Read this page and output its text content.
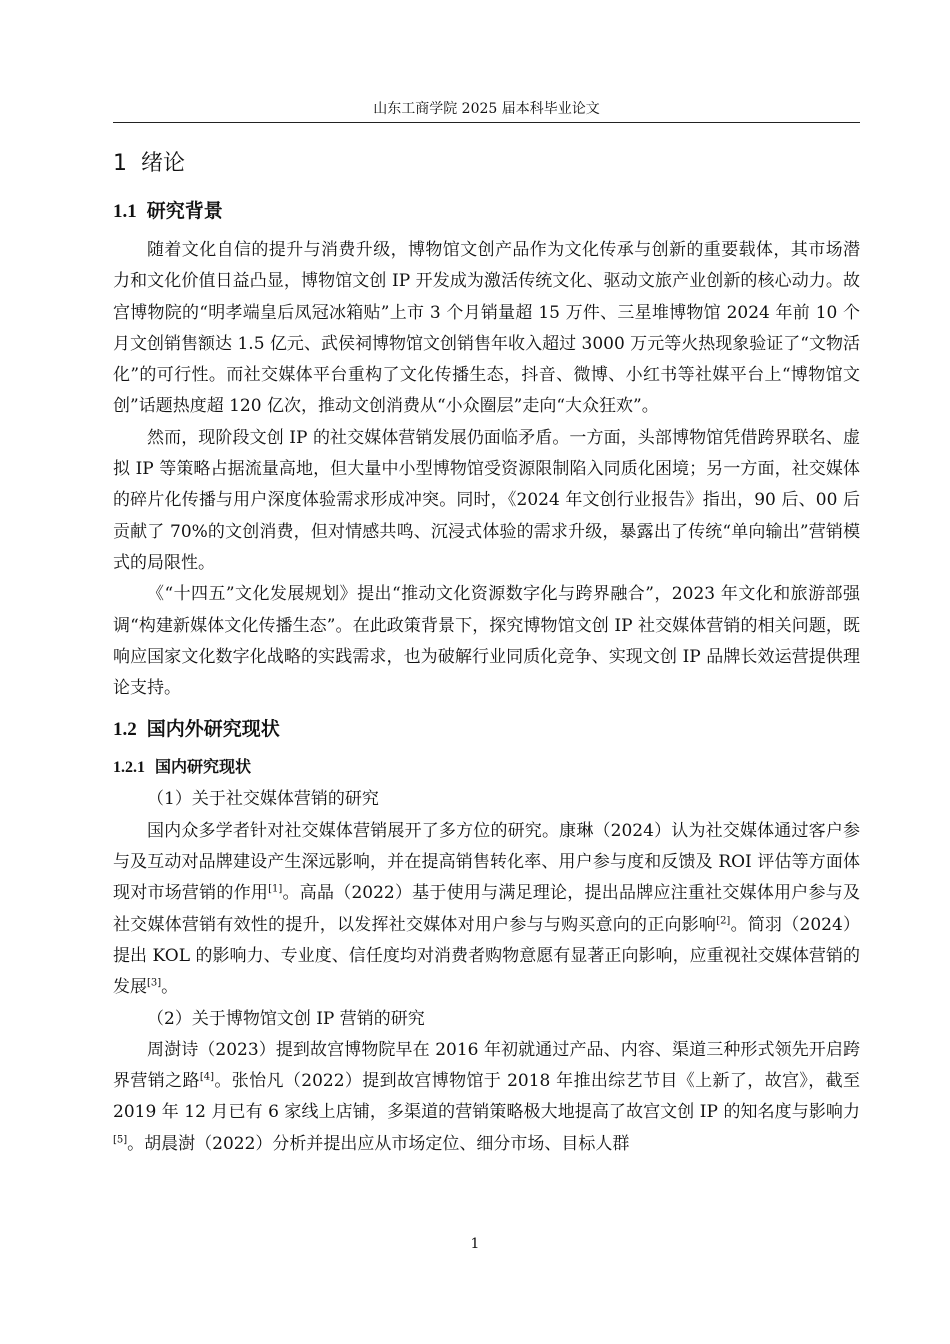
山东工商学院 2025 届本科毕业论文
1 绪论
1.1 研究背景

随着文化自信的提升与消费升级，博物馆文创产品作为文化传承与创新的重要载体，其市场潜力和文化价值日益凸显，博物馆文创 IP 开发成为激活传统文化、驱动文旅产业创新的核心动力。故宫博物院的“明孝端皇后凤冠冰箱贴”上市 3 个月销量超 15 万件、三星堆博物馆 2024 年前 10 个月文创销售额达 1.5 亿元、武侯祠博物馆文创销售年收入超过 3000 万元等火热现象验证了“文物活化”的可行性。而社交媒体平台重构了文化传播生态，抖音、微博、小红书等社媒平台上“博物馆文创”话题热度超 120 亿次，推动文创消费从“小众圈层”走向“大众狂欢”。

然而，现阶段文创 IP 的社交媒体营销发展仍面临矛盾。一方面，头部博物馆凭借跨界联名、虚拟 IP 等策略占据流量高地，但大量中小型博物馆受资源限制陷入同质化困境；另一方面，社交媒体的碎片化传播与用户深度体验需求形成冲突。同时，《2024 年文创行业报告》指出，90 后、00 后贡献了 70%的文创消费，但对情感共鸣、沉浸式体验的需求升级，暴露出了传统“单向输出”营销模式的局限性。

《“十四五”文化发展规划》提出“推动文化资源数字化与跨界融合”，2023 年文化和旅游部强调“构建新媒体文化传播生态”。在此政策背景下，探究博物馆文创 IP 社交媒体营销的相关问题，既响应国家文化数字化战略的实践需求，也为破解行业同质化竞争、实现文创 IP 品牌长效运营提供理论支持。

1.2 国内外研究现状
1.2.1 国内研究现状

（1）关于社交媒体营销的研究

国内众多学者针对社交媒体营销展开了多方位的研究。康琳（2024）认为社交媒体通过客户参与及互动对品牌建设产生深远影响，并在提高销售转化率、用户参与度和反馈及 ROI 评估等方面体现对市场营销的作用[1]。高晶（2022）基于使用与满足理论，提出品牌应注重社交媒体用户参与及社交媒体营销有效性的提升，以发挥社交媒体对用户参与与购买意向的正向影响[2]。简羽（2024）提出 KOL 的影响力、专业度、信任度均对消费者购物意愿有显著正向影响，应重视社交媒体营销的发展[3]。

（2）关于博物馆文创 IP 营销的研究

周澍诗（2023）提到故宫博物院早在 2016 年初就通过产品、内容、渠道三种形式领先开启跨界营销之路[4]。张怡凡（2022）提到故宫博物馆于 2018 年推出综艺节目《上新了，故宫》，截至 2019 年 12 月已有 6 家线上店铺，多渠道的营销策略极大地提高了故宫文创 IP 的知名度与影响力[5]。胡晨澍（2022）分析并提出应从市场定位、细分市场、目标人群

1
